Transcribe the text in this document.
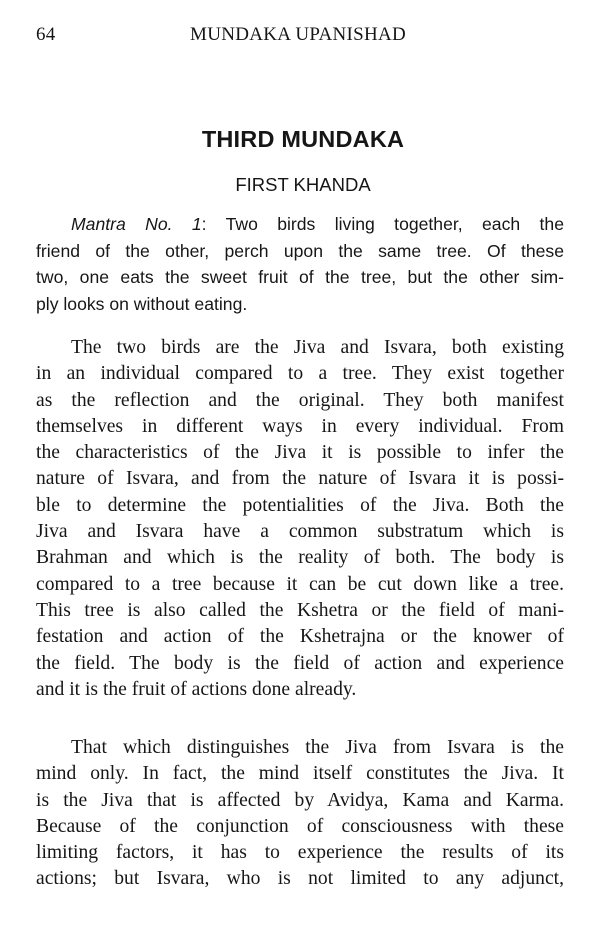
64	MUNDAKA UPANISHAD
THIRD MUNDAKA
FIRST KHANDA
Mantra No. 1: Two birds living together, each the
friend of the other, perch upon the same tree. Of these
two, one eats the sweet fruit of the tree, but the other sim-
ply looks on without eating.
The two birds are the Jiva and Isvara, both existing
in an individual compared to a tree. They exist together
as the reflection and the original. They both manifest
themselves in different ways in every individual. From
the characteristics of the Jiva it is possible to infer the
nature of Isvara, and from the nature of Isvara it is possi-
ble to determine the potentialities of the Jiva. Both the
Jiva and Isvara have a common substratum which is
Brahman and which is the reality of both. The body is
compared to a tree because it can be cut down like a tree.
This tree is also called the Kshetra or the field of mani-
festation and action of the Kshetrajna or the knower of
the field. The body is the field of action and experience
and it is the fruit of actions done already.
That which distinguishes the Jiva from Isvara is the
mind only. In fact, the mind itself constitutes the Jiva. It
is the Jiva that is affected by Avidya, Kama and Karma.
Because of the conjunction of consciousness with these
limiting factors, it has to experience the results of its
actions; but Isvara, who is not limited to any adjunct,
